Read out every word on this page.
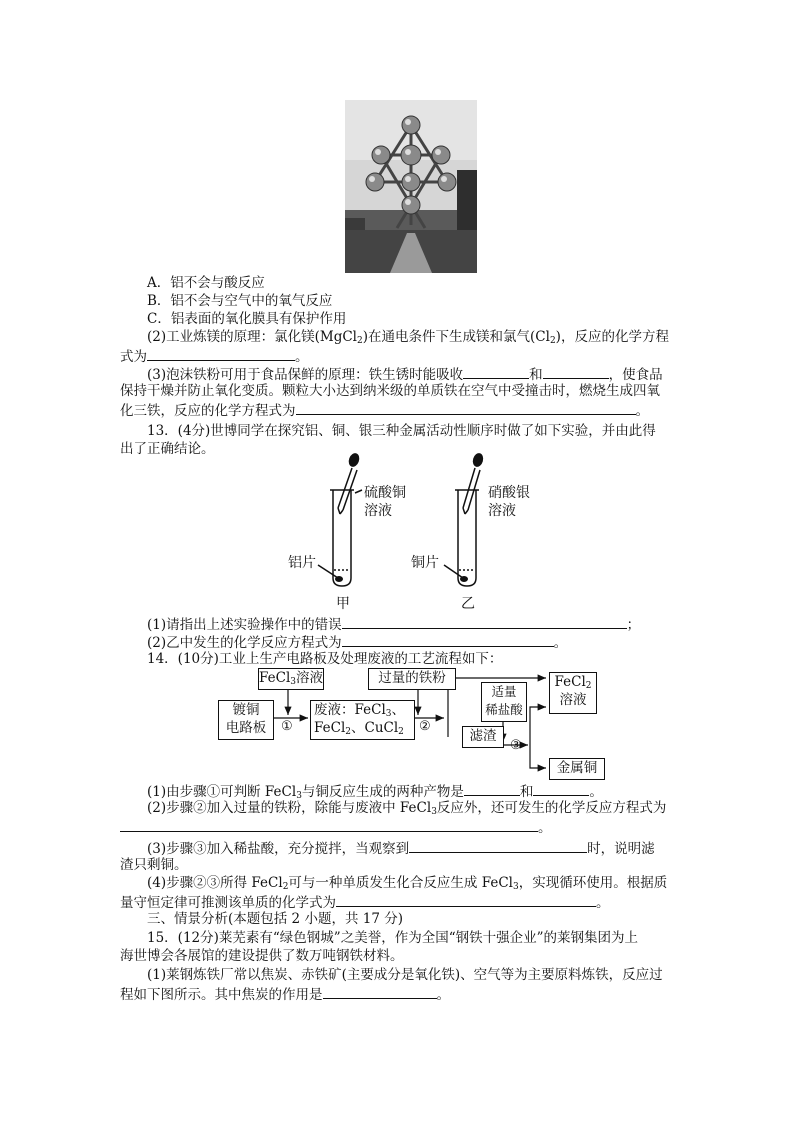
A．铝不会与酸反应
B．铝不会与空气中的氧气反应
C．铝表面的氧化膜具有保护作用
(2)工业炼镁的原理：氯化镁(MgCl$_2$)在通电条件下生成镁和氯气$(Cl_2)$，反应的化学方程
式为	。
(3)泡沫铁粉可用于食品保鲜的原理：铁生锈时能吸收	和	，使食品
保持干燥并防止氧化变质。颗粒大小达到纳米级的单质铁在空气中受撞击时，燃烧生成四氧
化三铁，反应的化学方程式为	。
13．(4分)世博同学在探究铝、铜、银三种金属活动性顺序时做了如下实验，并由此得
出了正确结论。
硫酸铜
溶液
铝片
甲
硝酸银
溶液
铜片
乙
(1)请指出上述实验操作中的错误	；
(2)乙中发生的化学反应方程式为	。
14．(10分)工业上生产电路板及处理废液的工艺流程如下：
FeCl$_3$溶液	过量的铁粉
镀铜
电路板	①
废液：FeCl$_3$、
FeCl$_2$、CuCl$_2$	②
滤渣
适量
稀盐酸
③
FeCl$_2$
溶液
金属铜
(1)由步骤①可判断 FeCl$_3$与铜反应生成的两种产物是	和	。
(2)步骤②加入过量的铁粉，除能与废液中 FeCl$_3$反应外，还可发生的化学反应方程式为
。
(3)步骤③加入稀盐酸，充分搅拌，当观察到	时，说明滤
渣只剩铜。
(4)步骤②③所得 FeCl$_2$可与一种单质发生化合反应生成 FeCl$_3$，实现循环使用。根据质
量守恒定律可推测该单质的化学式为	。
三、情景分析(本题包括 2 小题，共 17 分)
15．(12分)莱芜素有“绿色钢城”之美誉，作为全国“钢铁十强企业”的莱钢集团为上
海世博会各展馆的建设提供了数万吨钢铁材料。
(1)莱钢炼铁厂常以焦炭、赤铁矿(主要成分是氧化铁)、空气等为主要原料炼铁，反应过
程如下图所示。其中焦炭的作用是	。
